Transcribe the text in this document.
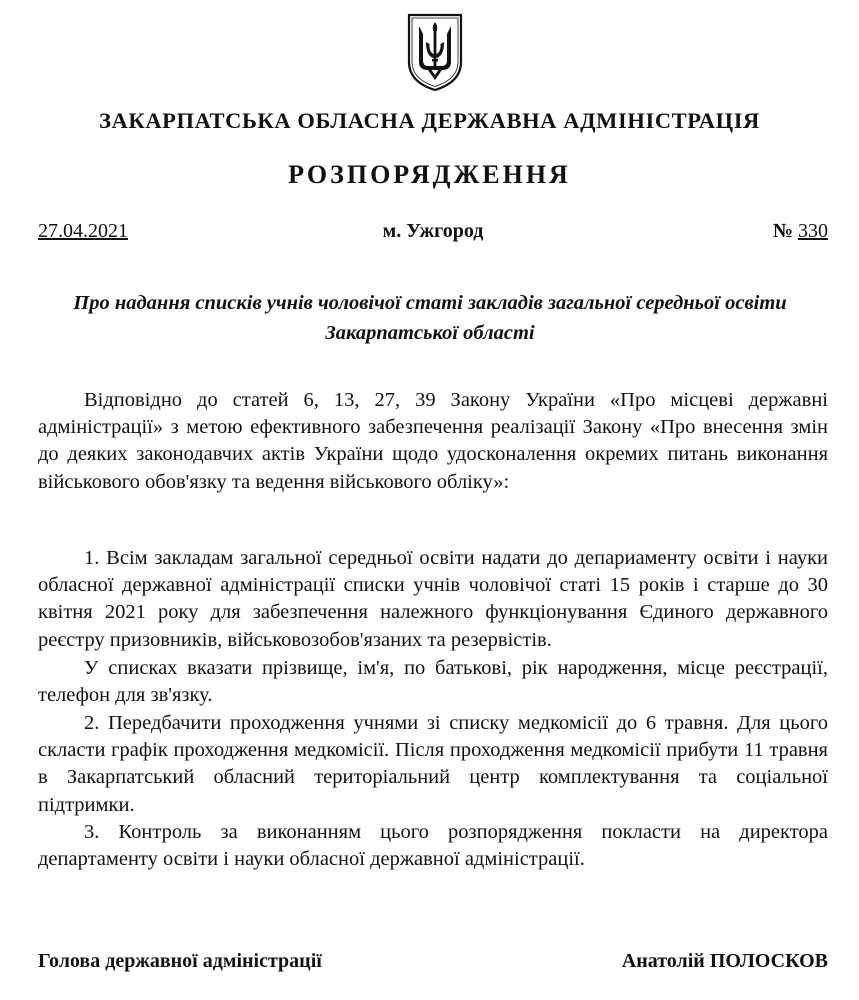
ЗАКАРПАТСЬКА ОБЛАСНА ДЕРЖАВНА АДМІНІСТРАЦІЯ
РОЗПОРЯДЖЕННЯ
27.04.2021	м. Ужгород	№ 330

Про надання списків учнів чоловічої статі закладів загальної середньої освіти Закарпатської області

Відповідно до статей 6, 13, 27, 39 Закону України «Про місцеві державні адміністрації» з метою ефективного забезпечення реалізації Закону «Про внесення змін до деяких законодавчих актів України щодо удосконалення окремих питань виконання військового обов'язку та ведення військового обліку»:

1. Всім закладам загальної середньої освіти надати до депариаменту освіти і науки обласної державної адміністрації списки учнів чоловічої статі 15 років і старше до 30 квітня 2021 року для забезпечення належного функціонування Єдиного державного реєстру призовників, військовозобов'язаних та резервістів.

У списках вказати прізвище, ім'я, по батькові, рік народження, місце реєстрації, телефон для зв'язку.

2. Передбачити проходження учнями зі списку медкомісії до 6 травня. Для цього скласти графік проходження медкомісії. Після проходження медкомісії прибути 11 травня в Закарпатський обласний територіальний центр комплектування та соціальної підтримки.

3. Контроль за виконанням цього розпорядження покласти на директора департаменту освіти і науки обласної державної адміністрації.

Голова державної адміністрації	Анатолій ПОЛОСКОВ
